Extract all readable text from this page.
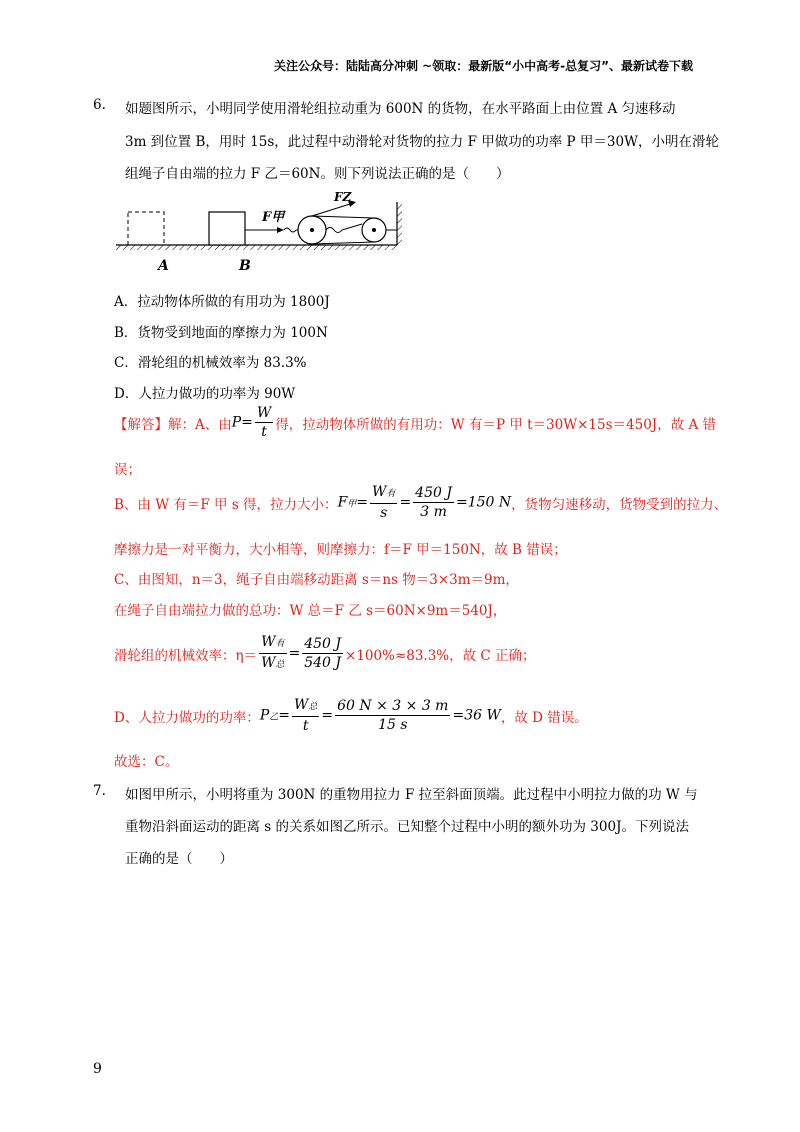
关注公众号：陆陆高分冲刺 ~领取：最新版“小中高考-总复习”、最新试卷下载
6. 如题图所示，小明同学使用滑轮组拉动重为 600N 的货物，在水平路面上由位置 A 匀速移动
3m 到位置 B，用时 15s，此过程中动滑轮对货物的拉力 F 甲做功的功率 P 甲＝30W，小明在滑轮
组绳子自由端的拉力 F 乙＝60N。则下列说法正确的是（　　）
F甲
FZ
A	B
A．拉动物体所做的有用功为 1800J
B．货物受到地面的摩擦力为 100N
C．滑轮组的机械效率为 83.3%
D．人拉力做功的功率为 90W
【解答】 解：A、由 $P= \frac{W}{t}$ 得，拉动物体所做的有用功：W 有＝P 甲 t＝30W×15s＝450J，故 A 错
误；
B、由 W 有＝F 甲 s 得，拉力大小： F甲= $\frac{\text{W有}}{s} = \frac{450 J}{3 m} =150$ N ，货物匀速移动，货物受到的拉力、
摩擦力是一对平衡力，大小相等，则摩擦力：f＝F 甲＝150N，故 B 错误；
C、由图知，n＝3，绳子自由端移动距离 s＝ns 物＝3×3m＝9m，
在绳子自由端拉力做的总功：W 总＝F 乙 s＝60N×9m＝540J，
滑轮组的机械效率：$\eta= \frac{\text{W有}}{\text{W总}} = \frac{450 J}{540 J} \times 100\%\approx 83.3\%$，故 C 正确；
D、人拉力做功的功率： P乙= $\frac{\text{W总}}{t} = \frac{60 N \times 3 \times 3 m}{15 s} =36$ W ，故 D 错误。
故选：C。
7. 如图甲所示，小明将重为 300N 的重物用拉力 F 拉至斜面顶端。此过程中小明拉力做的功 W 与
重物沿斜面运动的距离 s 的关系如图乙所示。已知整个过程中小明的额外功为 300J。下列说法
正确的是（　　）
9
